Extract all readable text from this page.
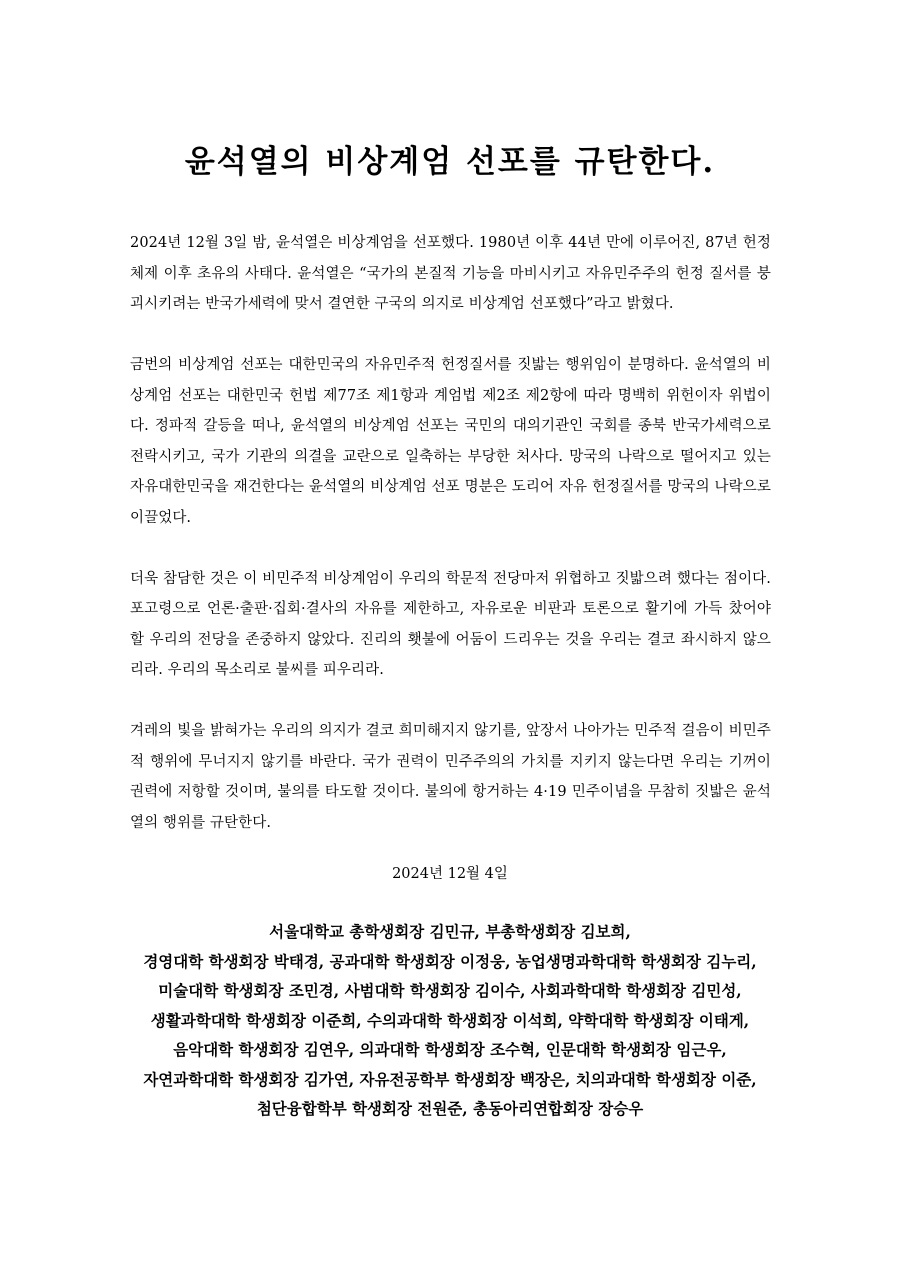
윤석열의 비상계엄 선포를 규탄한다.

2024년 12월 3일 밤, 윤석열은 비상계엄을 선포했다. 1980년 이후 44년 만에 이루어진, 87년 헌정 체제 이후 초유의 사태다. 윤석열은 “국가의 본질적 기능을 마비시키고 자유민주주의 헌정 질서를 붕괴시키려는 반국가세력에 맞서 결연한 구국의 의지로 비상계엄 선포했다”라고 밝혔다.

금번의 비상계엄 선포는 대한민국의 자유민주적 헌정질서를 짓밟는 행위임이 분명하다. 윤석열의 비상계엄 선포는 대한민국 헌법 제77조 제1항과 계엄법 제2조 제2항에 따라 명백히 위헌이자 위법이다. 정파적 갈등을 떠나, 윤석열의 비상계엄 선포는 국민의 대의기관인 국회를 종북 반국가세력으로 전락시키고, 국가 기관의 의결을 교란으로 일축하는 부당한 처사다. 망국의 나락으로 떨어지고 있는 자유대한민국을 재건한다는 윤석열의 비상계엄 선포 명분은 도리어 자유 헌정질서를 망국의 나락으로 이끌었다.

더욱 참담한 것은 이 비민주적 비상계엄이 우리의 학문적 전당마저 위협하고 짓밟으려 했다는 점이다. 포고령으로 언론·출판·집회·결사의 자유를 제한하고, 자유로운 비판과 토론으로 활기에 가득 찼어야 할 우리의 전당을 존중하지 않았다. 진리의 횃불에 어둠이 드리우는 것을 우리는 결코 좌시하지 않으리라. 우리의 목소리로 불씨를 피우리라.

겨레의 빛을 밝혀가는 우리의 의지가 결코 희미해지지 않기를, 앞장서 나아가는 민주적 걸음이 비민주적 행위에 무너지지 않기를 바란다. 국가 권력이 민주주의의 가치를 지키지 않는다면 우리는 기꺼이 권력에 저항할 것이며, 불의를 타도할 것이다. 불의에 항거하는 4·19 민주이념을 무참히 짓밟은 윤석열의 행위를 규탄한다.

2024년 12월 4일
서울대학교 총학생회장 김민규, 부총학생회장 김보희,
경영대학 학생회장 박태경, 공과대학 학생회장 이정웅, 농업생명과학대학 학생회장 김누리,
미술대학 학생회장 조민경, 사범대학 학생회장 김이수, 사회과학대학 학생회장 김민성,
생활과학대학 학생회장 이준희, 수의과대학 학생회장 이석희, 약학대학 학생회장 이태게,
음악대학 학생회장 김연우, 의과대학 학생회장 조수혁, 인문대학 학생회장 임근우,
자연과학대학 학생회장 김가연, 자유전공학부 학생회장 백장은, 치의과대학 학생회장 이준,
첨단융합학부 학생회장 전원준, 총동아리연합회장 장승우
